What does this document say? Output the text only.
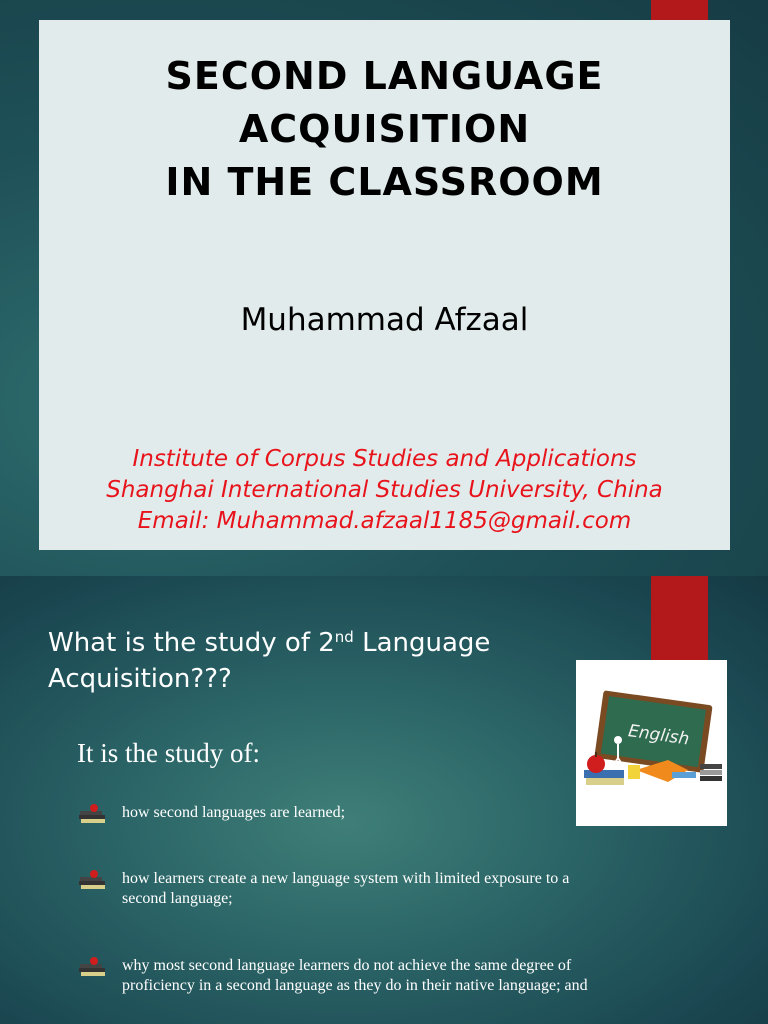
SECOND LANGUAGE
ACQUISITION
IN THE CLASSROOM
Muhammad Afzaal
Institute of Corpus Studies and Applications
Shanghai International Studies University, China
Email: Muhammad.afzaal1185@gmail.com
What is the study of 2nd Language Acquisition???
English
It is the study of:
how second languages are learned;
how learners create a new language system with limited exposure to a second language;
why most second language learners do not achieve the same degree of proficiency in a second language as they do in their native language; and
